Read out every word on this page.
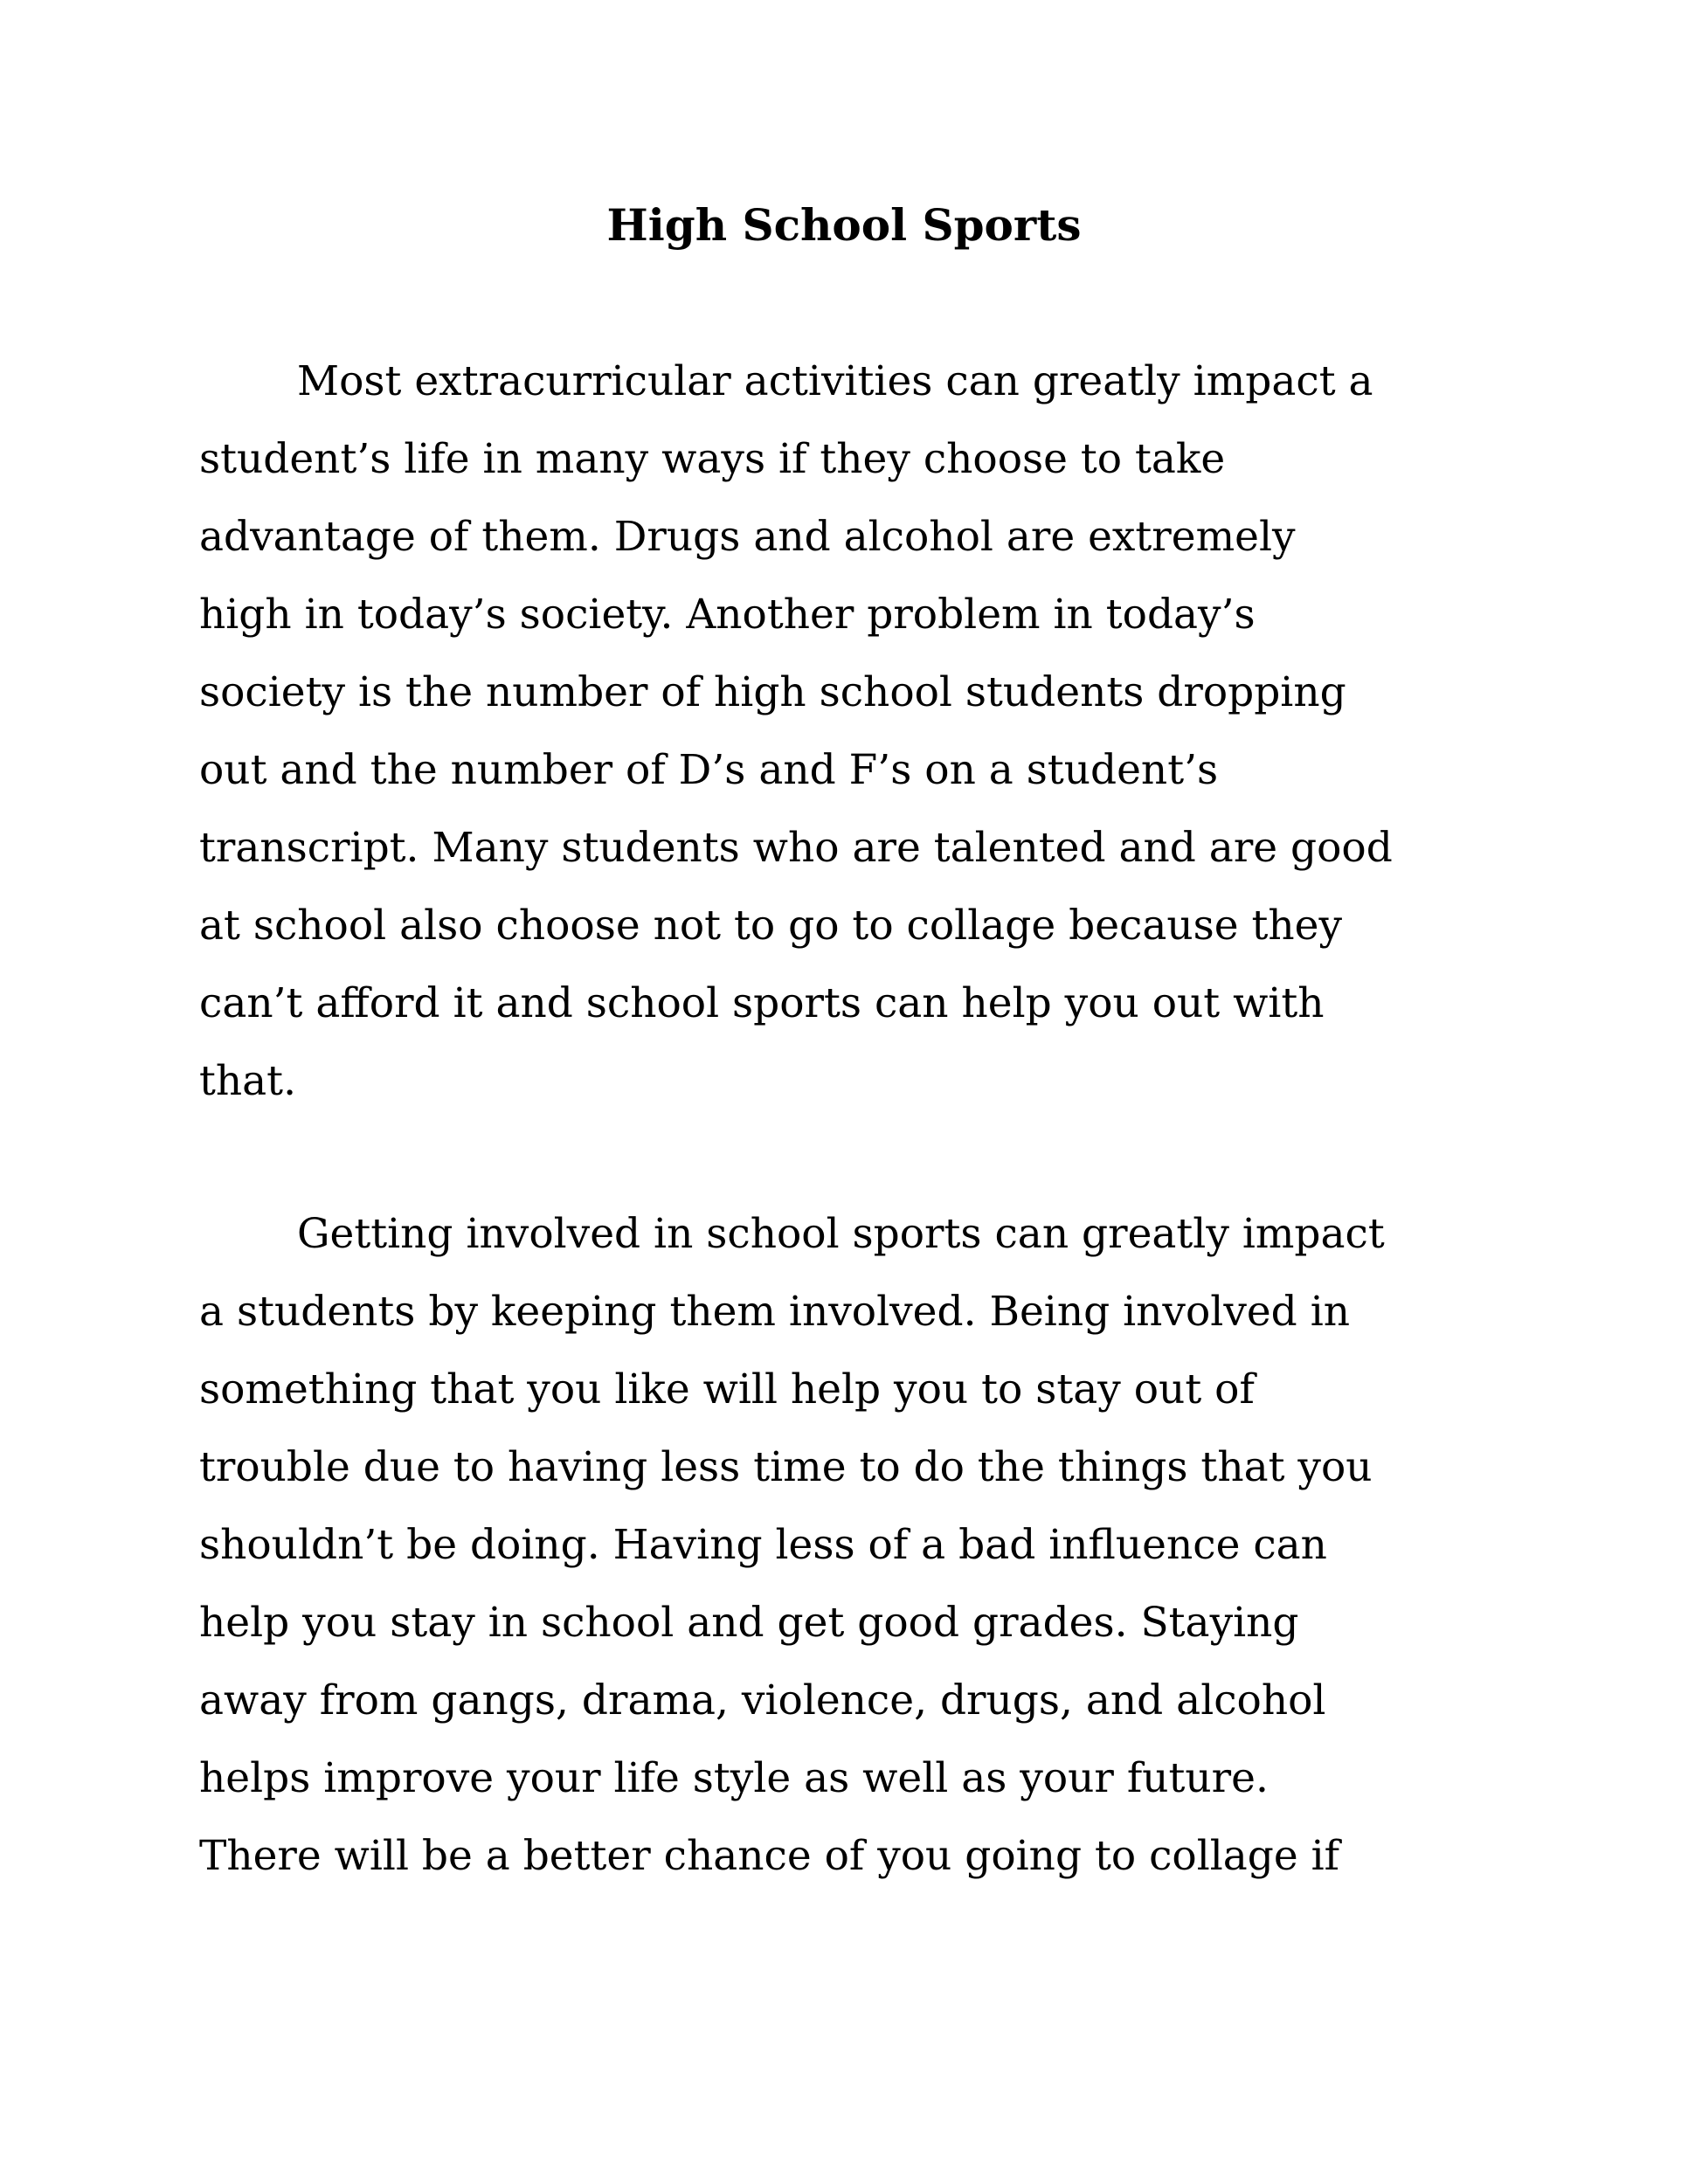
High School Sports
Most extracurricular activities can greatly impact a
student’s life in many ways if they choose to take
advantage of them. Drugs and alcohol are extremely
high in today’s society. Another problem in today’s
society is the number of high school students dropping
out and the number of D’s and F’s on a student’s
transcript. Many students who are talented and are good
at school also choose not to go to collage because they
can’t afford it and school sports can help you out with
that.
Getting involved in school sports can greatly impact
a students by keeping them involved. Being involved in
something that you like will help you to stay out of
trouble due to having less time to do the things that you
shouldn’t be doing. Having less of a bad influence can
help you stay in school and get good grades. Staying
away from gangs, drama, violence, drugs, and alcohol
helps improve your life style as well as your future.
There will be a better chance of you going to collage if
